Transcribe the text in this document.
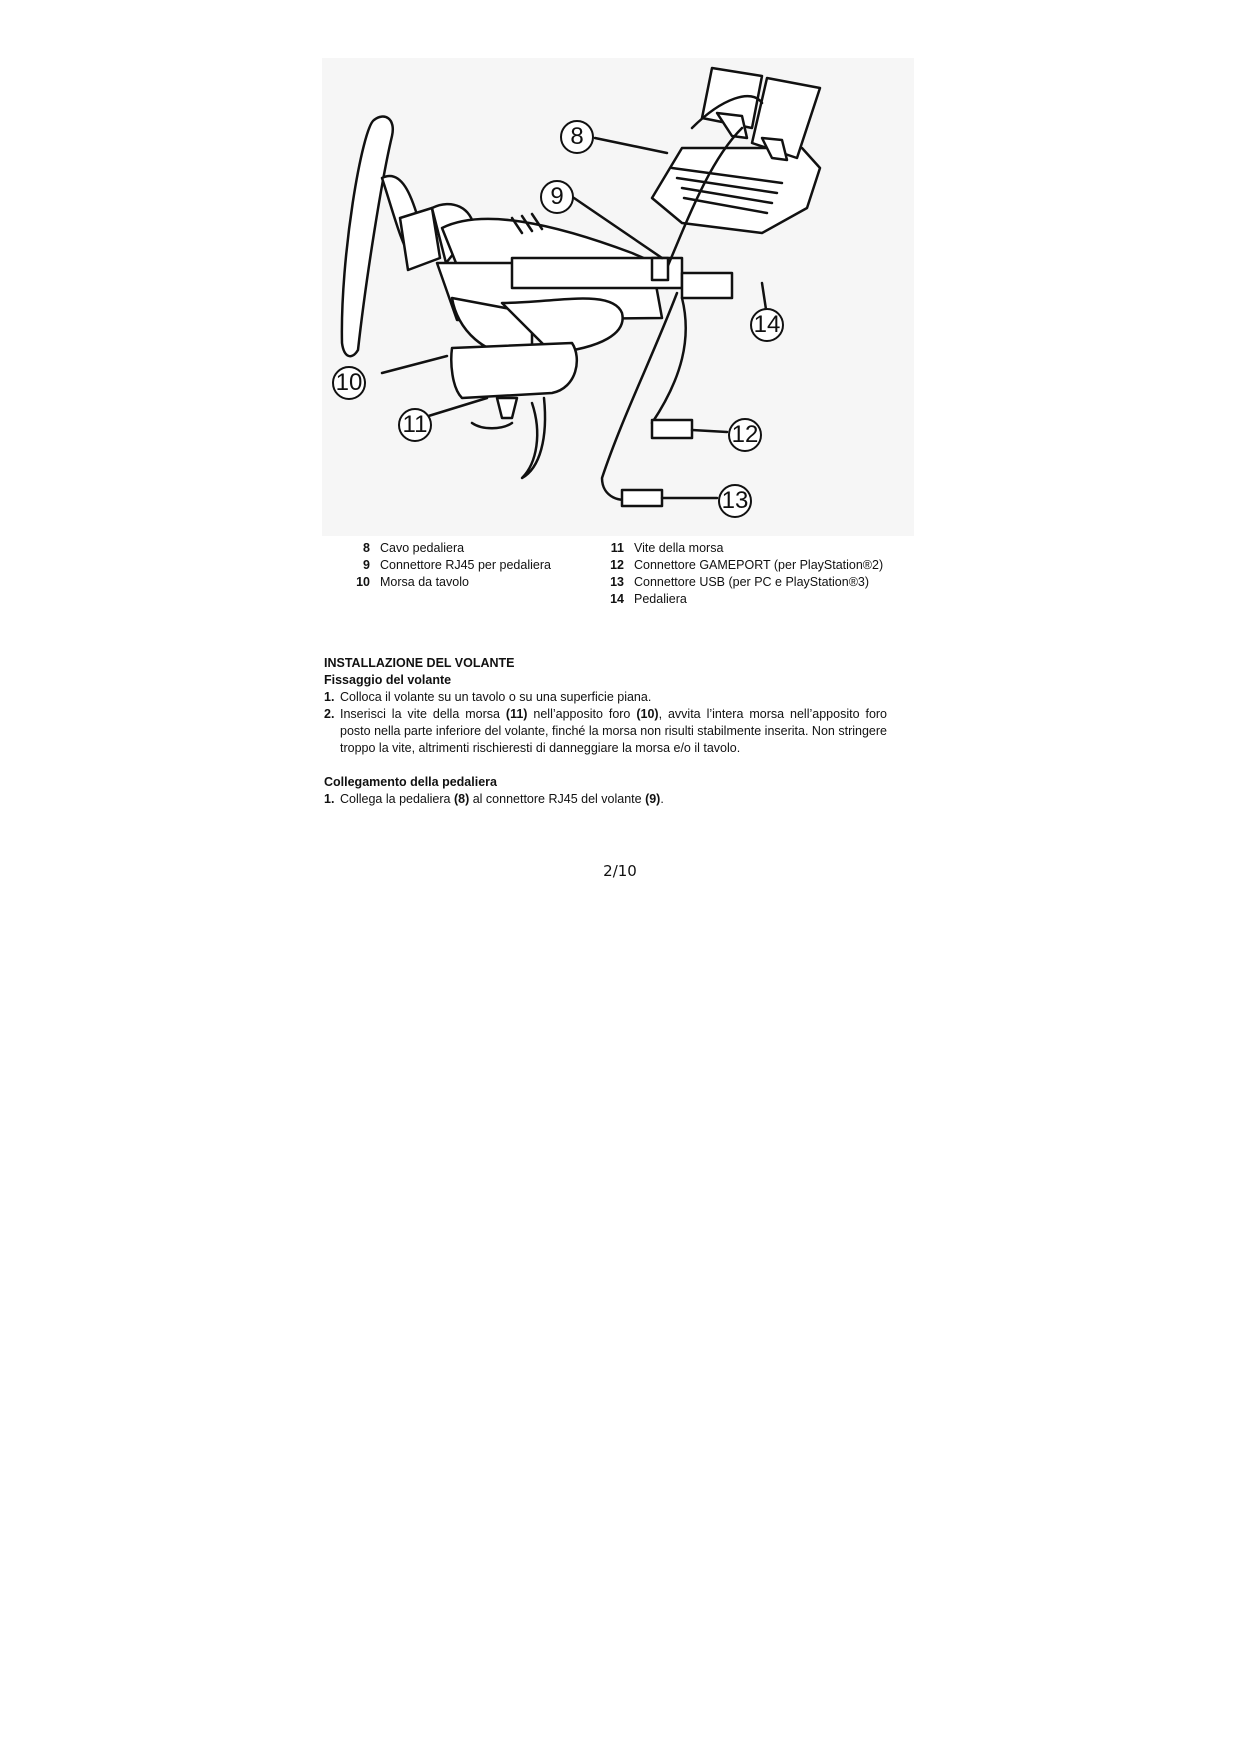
8
9
14
10
11	12
13
8 Cavo pedaliera
9 Connettore RJ45 per pedaliera
10 Morsa da tavolo
11 Vite della morsa
12 Connettore GAMEPORT (per PlayStation®2)
13 Connettore USB (per PC e PlayStation®3)
14 Pedaliera
INSTALLAZIONE DEL VOLANTE
Fissaggio del volante
1. Colloca il volante su un tavolo o su una superficie piana.
2. Inserisci la vite della morsa (11) nell’apposito foro (10), avvita l’intera morsa nell’apposito foro posto nella parte inferiore del volante, finché la morsa non risulti stabilmente inserita. Non stringere troppo la vite, altrimenti rischieresti di danneggiare la morsa e/o il tavolo.
Collegamento della pedaliera
1. Collega la pedaliera (8) al connettore RJ45 del volante (9).
2/10
